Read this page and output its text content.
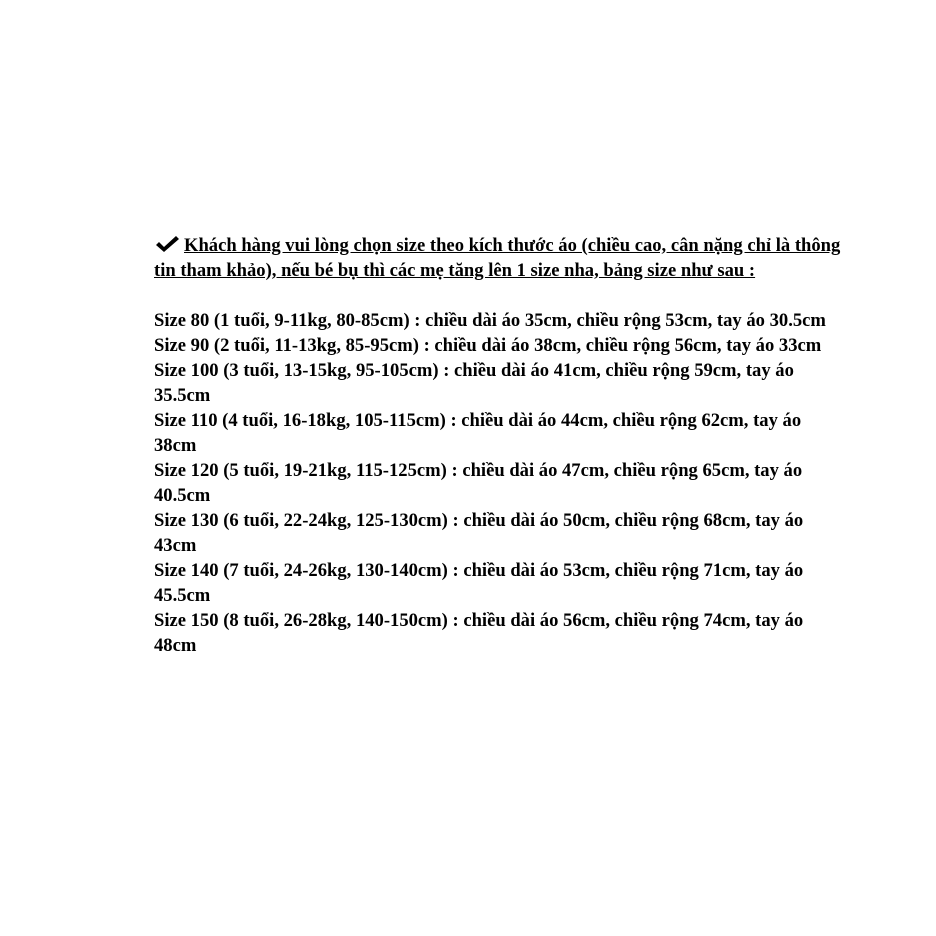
Khách hàng vui lòng chọn size theo kích thước áo (chiều cao, cân nặng chỉ là thông tin tham khảo), nếu bé bụ thì các mẹ tăng lên 1 size nha, bảng size như sau :

Size 80 (1 tuổi, 9-11kg, 80-85cm) : chiều dài áo 35cm, chiều rộng 53cm, tay áo 30.5cm
Size 90 (2 tuổi, 11-13kg, 85-95cm) : chiều dài áo 38cm, chiều rộng 56cm, tay áo 33cm
Size 100 (3 tuổi, 13-15kg, 95-105cm) : chiều dài áo 41cm, chiều rộng 59cm, tay áo 35.5cm
Size 110 (4 tuổi, 16-18kg, 105-115cm) : chiều dài áo 44cm, chiều rộng 62cm, tay áo 38cm
Size 120 (5 tuổi, 19-21kg, 115-125cm) : chiều dài áo 47cm, chiều rộng 65cm, tay áo 40.5cm
Size 130 (6 tuổi, 22-24kg, 125-130cm) : chiều dài áo 50cm, chiều rộng 68cm, tay áo 43cm
Size 140 (7 tuổi, 24-26kg, 130-140cm) : chiều dài áo 53cm, chiều rộng 71cm, tay áo 45.5cm
Size 150 (8 tuổi, 26-28kg, 140-150cm) : chiều dài áo 56cm, chiều rộng 74cm, tay áo 48cm
